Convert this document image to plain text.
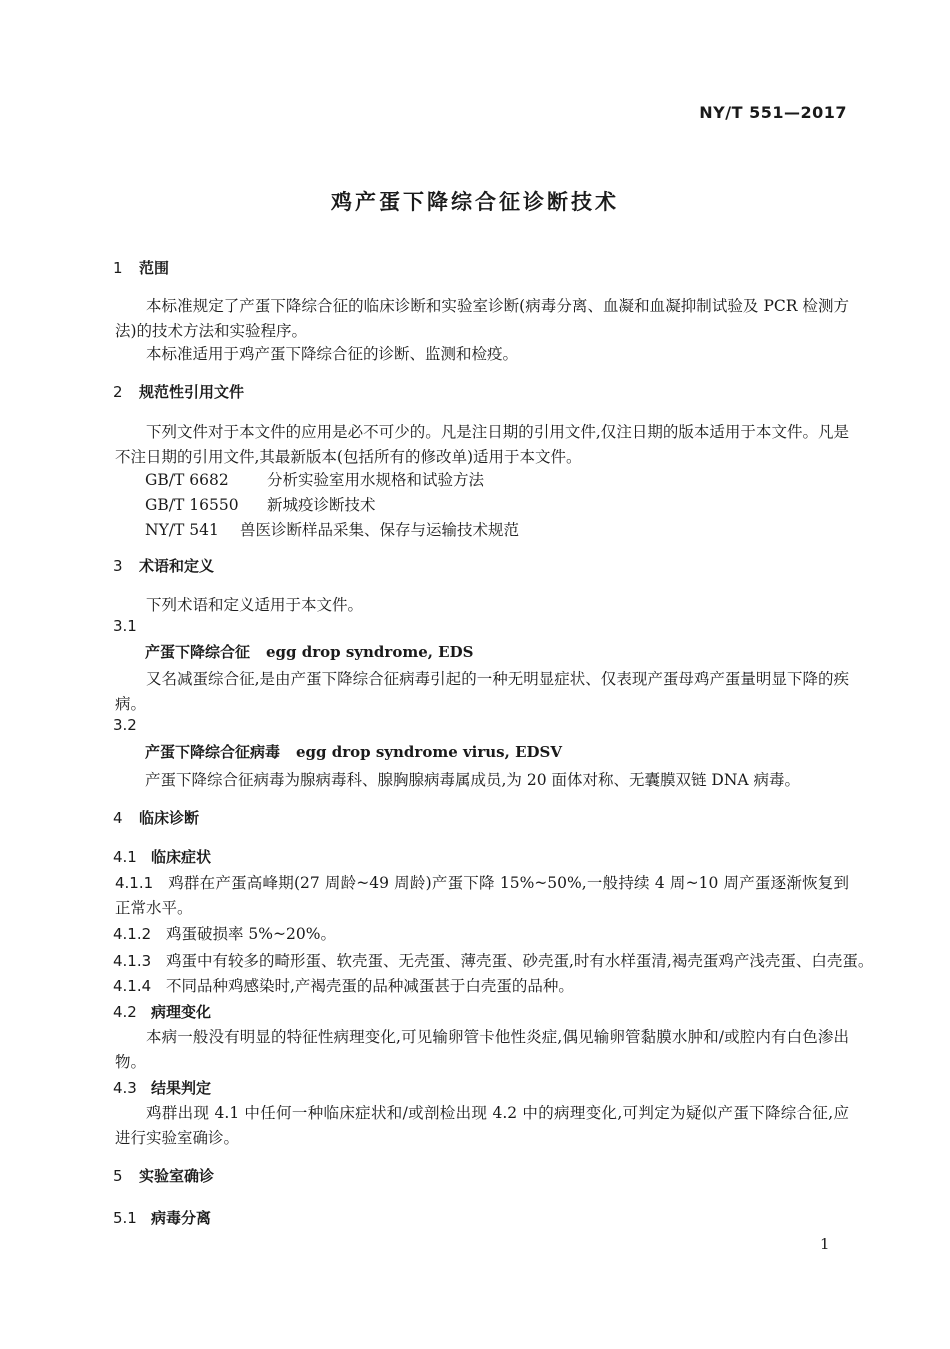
NY/T 551—2017
鸡产蛋下降综合征诊断技术
1 范围
本标准规定了产蛋下降综合征的临床诊断和实验室诊断(病毒分离、血凝和血凝抑制试验及 PCR 检测方法)的技术方法和实验程序。
本标准适用于鸡产蛋下降综合征的诊断、监测和检疫。
2 规范性引用文件
下列文件对于本文件的应用是必不可少的。凡是注日期的引用文件,仅注日期的版本适用于本文件。凡是不注日期的引用文件,其最新版本(包括所有的修改单)适用于本文件。
GB/T 6682 分析实验室用水规格和试验方法
GB/T 16550 新城疫诊断技术
NY/T 541 兽医诊断样品采集、保存与运输技术规范
3 术语和定义
下列术语和定义适用于本文件。
3.1
产蛋下降综合征 egg drop syndrome, EDS
又名减蛋综合征,是由产蛋下降综合征病毒引起的一种无明显症状、仅表现产蛋母鸡产蛋量明显下降的疾病。
3.2
产蛋下降综合征病毒 egg drop syndrome virus, EDSV
产蛋下降综合征病毒为腺病毒科、腺胸腺病毒属成员,为 20 面体对称、无囊膜双链 DNA 病毒。
4 临床诊断
4.1 临床症状
4.1.1 鸡群在产蛋高峰期(27 周龄~49 周龄)产蛋下降 15%~50%,一般持续 4 周~10 周产蛋逐渐恢复到正常水平。
4.1.2 鸡蛋破损率 5%~20%。
4.1.3 鸡蛋中有较多的畸形蛋、软壳蛋、无壳蛋、薄壳蛋、砂壳蛋,时有水样蛋清,褐壳蛋鸡产浅壳蛋、白壳蛋。
4.1.4 不同品种鸡感染时,产褐壳蛋的品种减蛋甚于白壳蛋的品种。
4.2 病理变化
本病一般没有明显的特征性病理变化,可见输卵管卡他性炎症,偶见输卵管黏膜水肿和/或腔内有白色渗出物。
4.3 结果判定
鸡群出现 4.1 中任何一种临床症状和/或剖检出现 4.2 中的病理变化,可判定为疑似产蛋下降综合征,应进行实验室确诊。
5 实验室确诊
5.1 病毒分离
1
